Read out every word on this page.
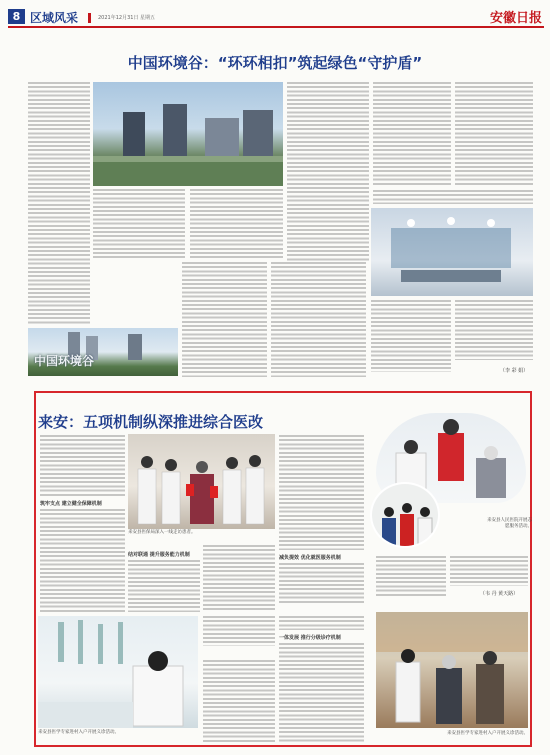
8 区域风采	2021年12月31日 星期五	安徽日报
中国环境谷：“环环相扣”筑起绿色“守护盾”
中国环境谷
（李 彩 娟）
来安：五项机制纵深推进综合医改
筑牢支点 建立健全保障机制
来安县医保局深入一线走访患者。
结对联通 提升服务能力机制	减负提效 优化就医服务机制
来安县医学专家进村入户开展义诊活动。
一体发展 推行分级诊疗机制
来安县人民医院开展志愿服务活动。
（韦 丹 黄天路）
来安县医学专家进村入户开展义诊活动。
